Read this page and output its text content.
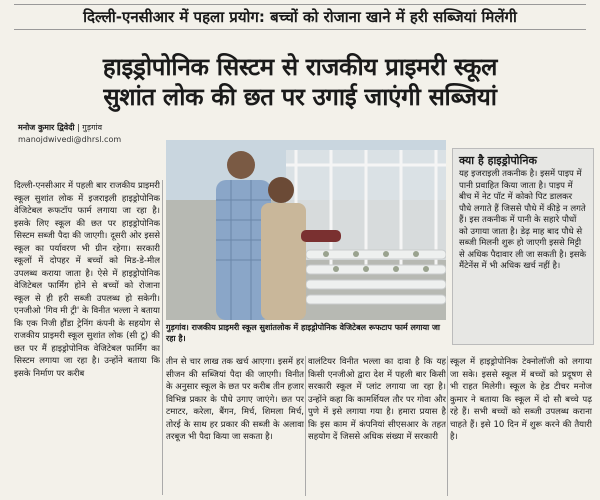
दिल्ली-एनसीआर में पहला प्रयोग: बच्चों को रोजाना खाने में हरी सब्जियां मिलेंगी
हाइड्रोपोनिक सिस्टम से राजकीय प्राइमरी स्कूल
सुशांत लोक की छत पर उगाई जाएंगी सब्जियां
मनोज कुमार द्विवेदी | गुड़गांव
manojdwivedi@dhrsl.com
दिल्ली-एनसीआर में पहली बार राजकीय प्राइमरी स्कूल सुशांत लोक में इजराइली हाइड्रोपोनिक वेजिटेबल रूफटॉप फार्म लगाया जा रहा है। इसके लिए स्कूल की छत पर हाइड्रोपोनिक सिस्टम सब्जी पैदा की जाएगी। दूसरी ओर इससे स्कूल का पर्यावरण भी ग्रीन रहेगा। सरकारी स्कूलों में दोपहर में बच्चों को मिड-डे-मील उपलब्ध कराया जाता है। ऐसे में हाइड्रोपोनिक वेजिटेबल फार्मिंग होने से बच्चों को रोजाना स्कूल से ही हरी सब्जी उपलब्ध हो सकेगी। एनजीओ 'गिव मी ट्री' के विनीत भल्ला ने बताया कि एक निजी हौंडा ट्रेनिंग कंपनी के सहयोग से राजकीय प्राइमरी स्कूल सुशांत लोक (सी टू) की छत पर मैं हाइड्रोपोनिक वेजिटेबल फार्मिंग का सिस्टम लगाया जा रहा है। उन्होंने बताया कि इसके निर्माण पर करीब
गुड़गांव। राजकीय प्राइमरी स्कूल सुशांतलोक में हाइड्रोपोनिक वेजिटेबल रूफटाप फार्म लगाया जा रहा है।
क्या है हाइड्रोपोनिक
यह इजराइली तकनीक है। इसमें पाइप में पानी प्रवाहित किया जाता है। पाइप में बीच में नेट पॉट में कोको पिट डालकर पौधे लगाते हैं जिससे पौधे में कीड़े न लगते हैं। इस तकनीक में पानी के सहारे पौधों को उगाया जाता है। डेढ़ माह बाद पौधे से सब्जी मिलनी शुरू हो जाएगी इससे मिट्टी से अधिक पैदावार ली जा सकती है। इसके मैंटेनेंस में भी अधिक खर्च नहीं है।
तीन से चार लाख तक खर्च आएगा। इसमें हर सीजन की सब्जियां पैदा की जाएगी। विनीत के अनुसार स्कूल के छत पर करीब तीन हजार विभिन्न प्रकार के पौधे उगाए जाएंगे। छत पर टमाटर, करेला, बैंगन, मिर्च, शिमला मिर्च, तोरई के साथ हर प्रकार की सब्जी के अलावा तरबूज भी पैदा किया जा सकता है।
वालंटियर विनीत भल्ला का दावा है कि यह किसी एनजीओ द्वारा देश में पहली बार किसी सरकारी स्कूल में प्लांट लगाया जा रहा है। उन्होंने कहा कि कामर्शियल तौर पर गोवा और पुणे में इसे लगाया गया है। हमारा प्रयास है कि इस काम में कंपनियां सीएसआर के तहत सहयोग दें जिससे अधिक संख्या में सरकारी
स्कूल में हाइड्रोपोनिक टेक्नोलॉजी को लगाया जा सके। इससे स्कूल में बच्चों को प्रदूषण से भी राहत मिलेगी। स्कूल के हेड टीचर मनोज कुमार ने बताया कि स्कूल में दो सौ बच्चे पढ़ रहे हैं। सभी बच्चों को सब्जी उपलब्ध कराना चाहते हैं। इसे 10 दिन में शुरू करने की तैयारी है।
